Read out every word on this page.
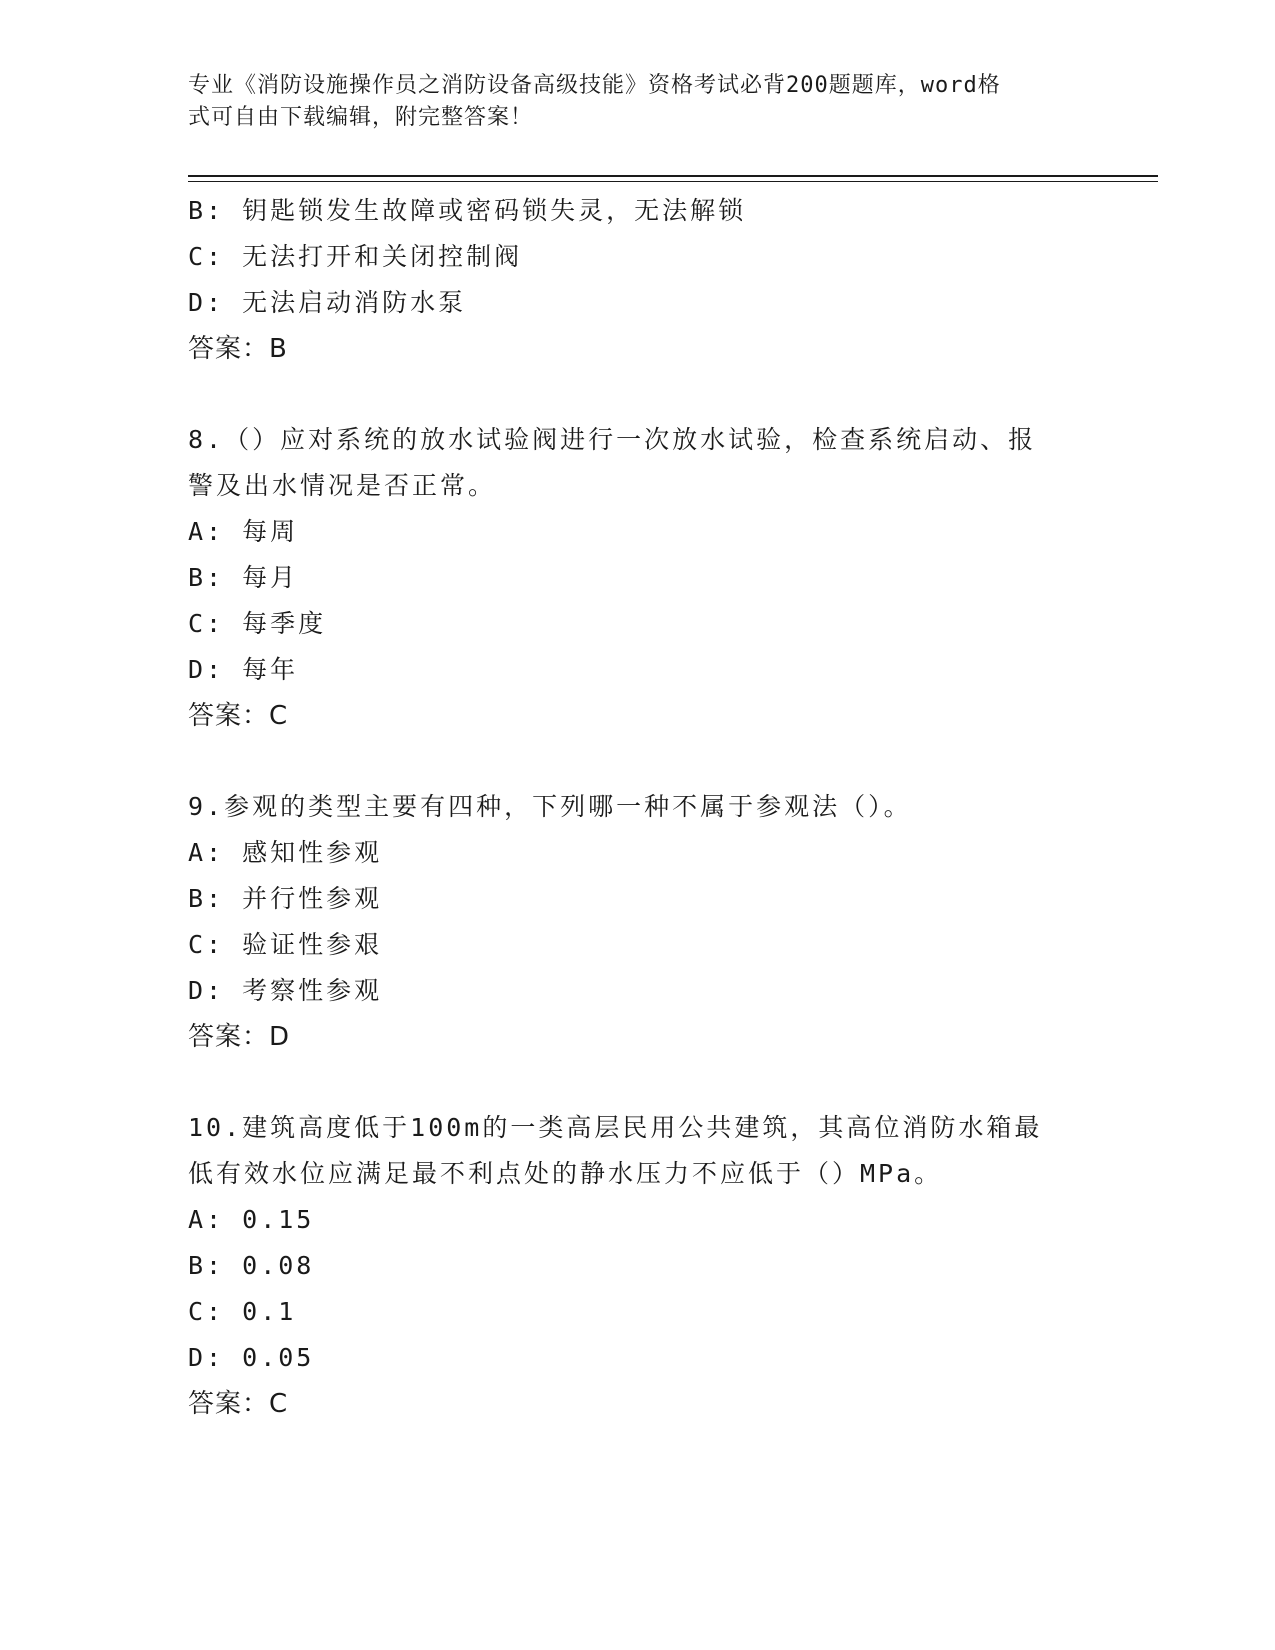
专业《消防设施操作员之消防设备高级技能》资格考试必背200题题库，word格
式可自由下载编辑，附完整答案！
B: 钥匙锁发生故障或密码锁失灵，无法解锁
C: 无法打开和关闭控制阀
D: 无法启动消防水泵
答案：B
8.（）应对系统的放水试验阀进行一次放水试验，检查系统启动、报
警及出水情况是否正常。
A: 每周
B: 每月
C: 每季度
D: 每年
答案：C
9.参观的类型主要有四种，下列哪一种不属于参观法（）。
A: 感知性参观
B: 并行性参观
C: 验证性参艰
D: 考察性参观
答案：D
10.建筑高度低于100m的一类高层民用公共建筑，其高位消防水箱最
低有效水位应满足最不利点处的静水压力不应低于（）MPa。
A: 0.15
B: 0.08
C: 0.1
D: 0.05
答案：C
